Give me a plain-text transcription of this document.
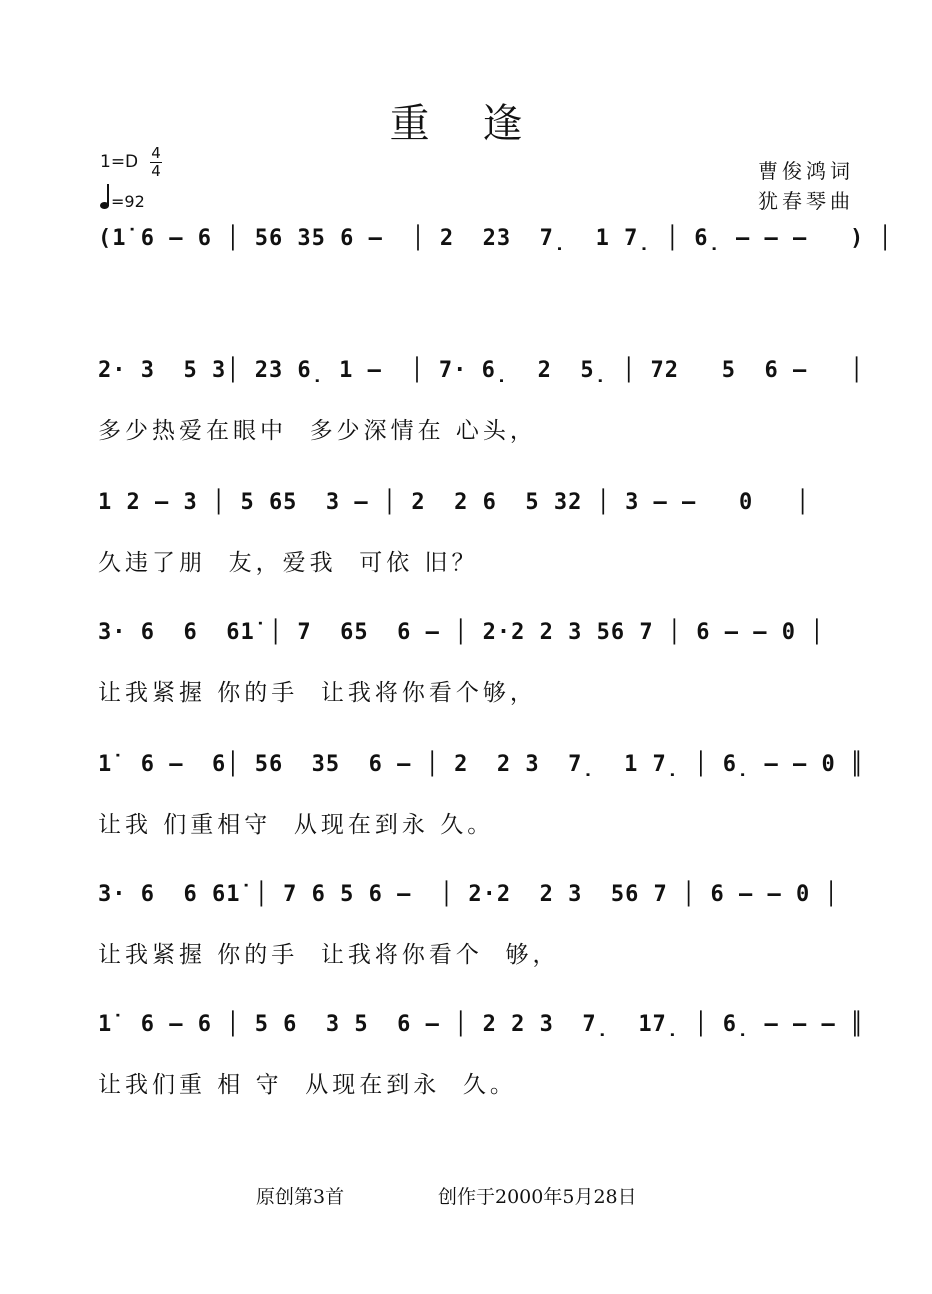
重 逢
1=D 4
4
=92
曹俊鸿词
犹春琴曲
(1̇ 6 – 6 │ 56 35 6 –  │ 2  23  7̣  1 7̣ │ 6̣ – – –   ) │
2· 3  5 3│ 23 6̣ 1 –  │ 7· 6̣  2  5̣ │ 72   5  6 –   │
多少热爱在眼中  多少深情在 心头，
1 2 – 3 │ 5 65  3 – │ 2  2 6  5 32 │ 3 – –   0   │
久违了朋  友，爱我  可依 旧？
3· 6  6  61̇ │ 7  65  6 – │ 2·2 2 3 56 7 │ 6 – – 0 │
让我紧握 你的手  让我将你看个够，
1̇  6 –  6│ 56  35  6 – │ 2  2 3  7̣  1 7̣ │ 6̣ – – 0 ║
让我 们重相守  从现在到永 久。
3· 6  6 61̇ │ 7 6 5 6 –  │ 2·2  2 3  56 7 │ 6 – – 0 │
让我紧握 你的手  让我将你看个  够，
1̇  6 – 6 │ 5 6  3 5  6 – │ 2 2 3  7̣  17̣ │ 6̣ – – – ║
让我们重 相 守  从现在到永  久。
原创第3首	创作于2000年5月28日
